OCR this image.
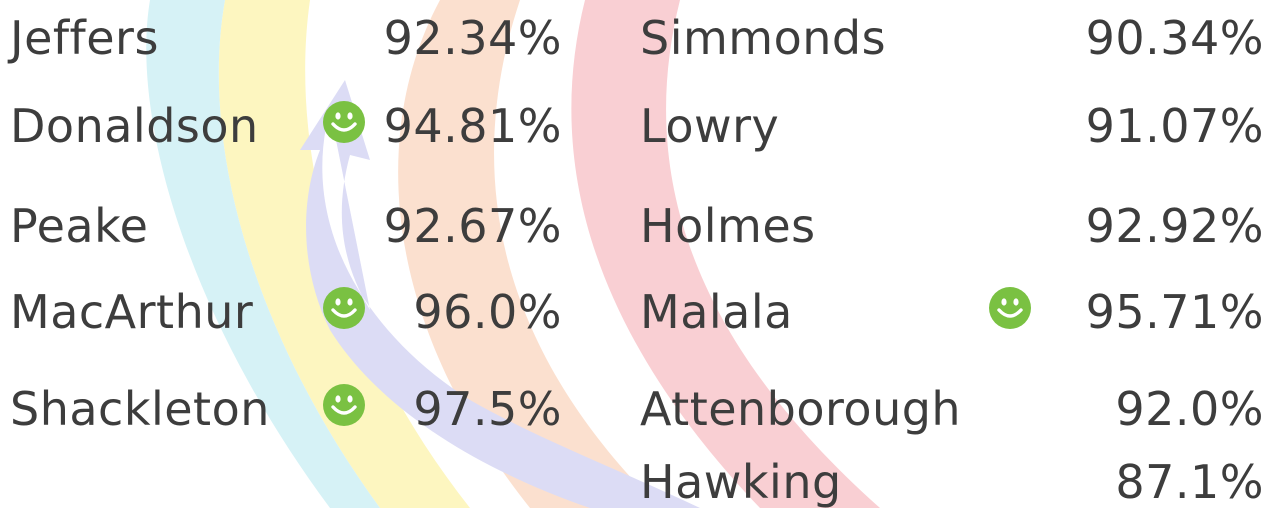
Jeffers	92.34%
Donaldson	94.81%
Peake	92.67%
MacArthur	96.0%
Shackleton	97.5%
Simmonds	90.34%
Lowry	91.07%
Holmes	92.92%
Malala	95.71%
Attenborough	92.0%
Hawking	87.1%
